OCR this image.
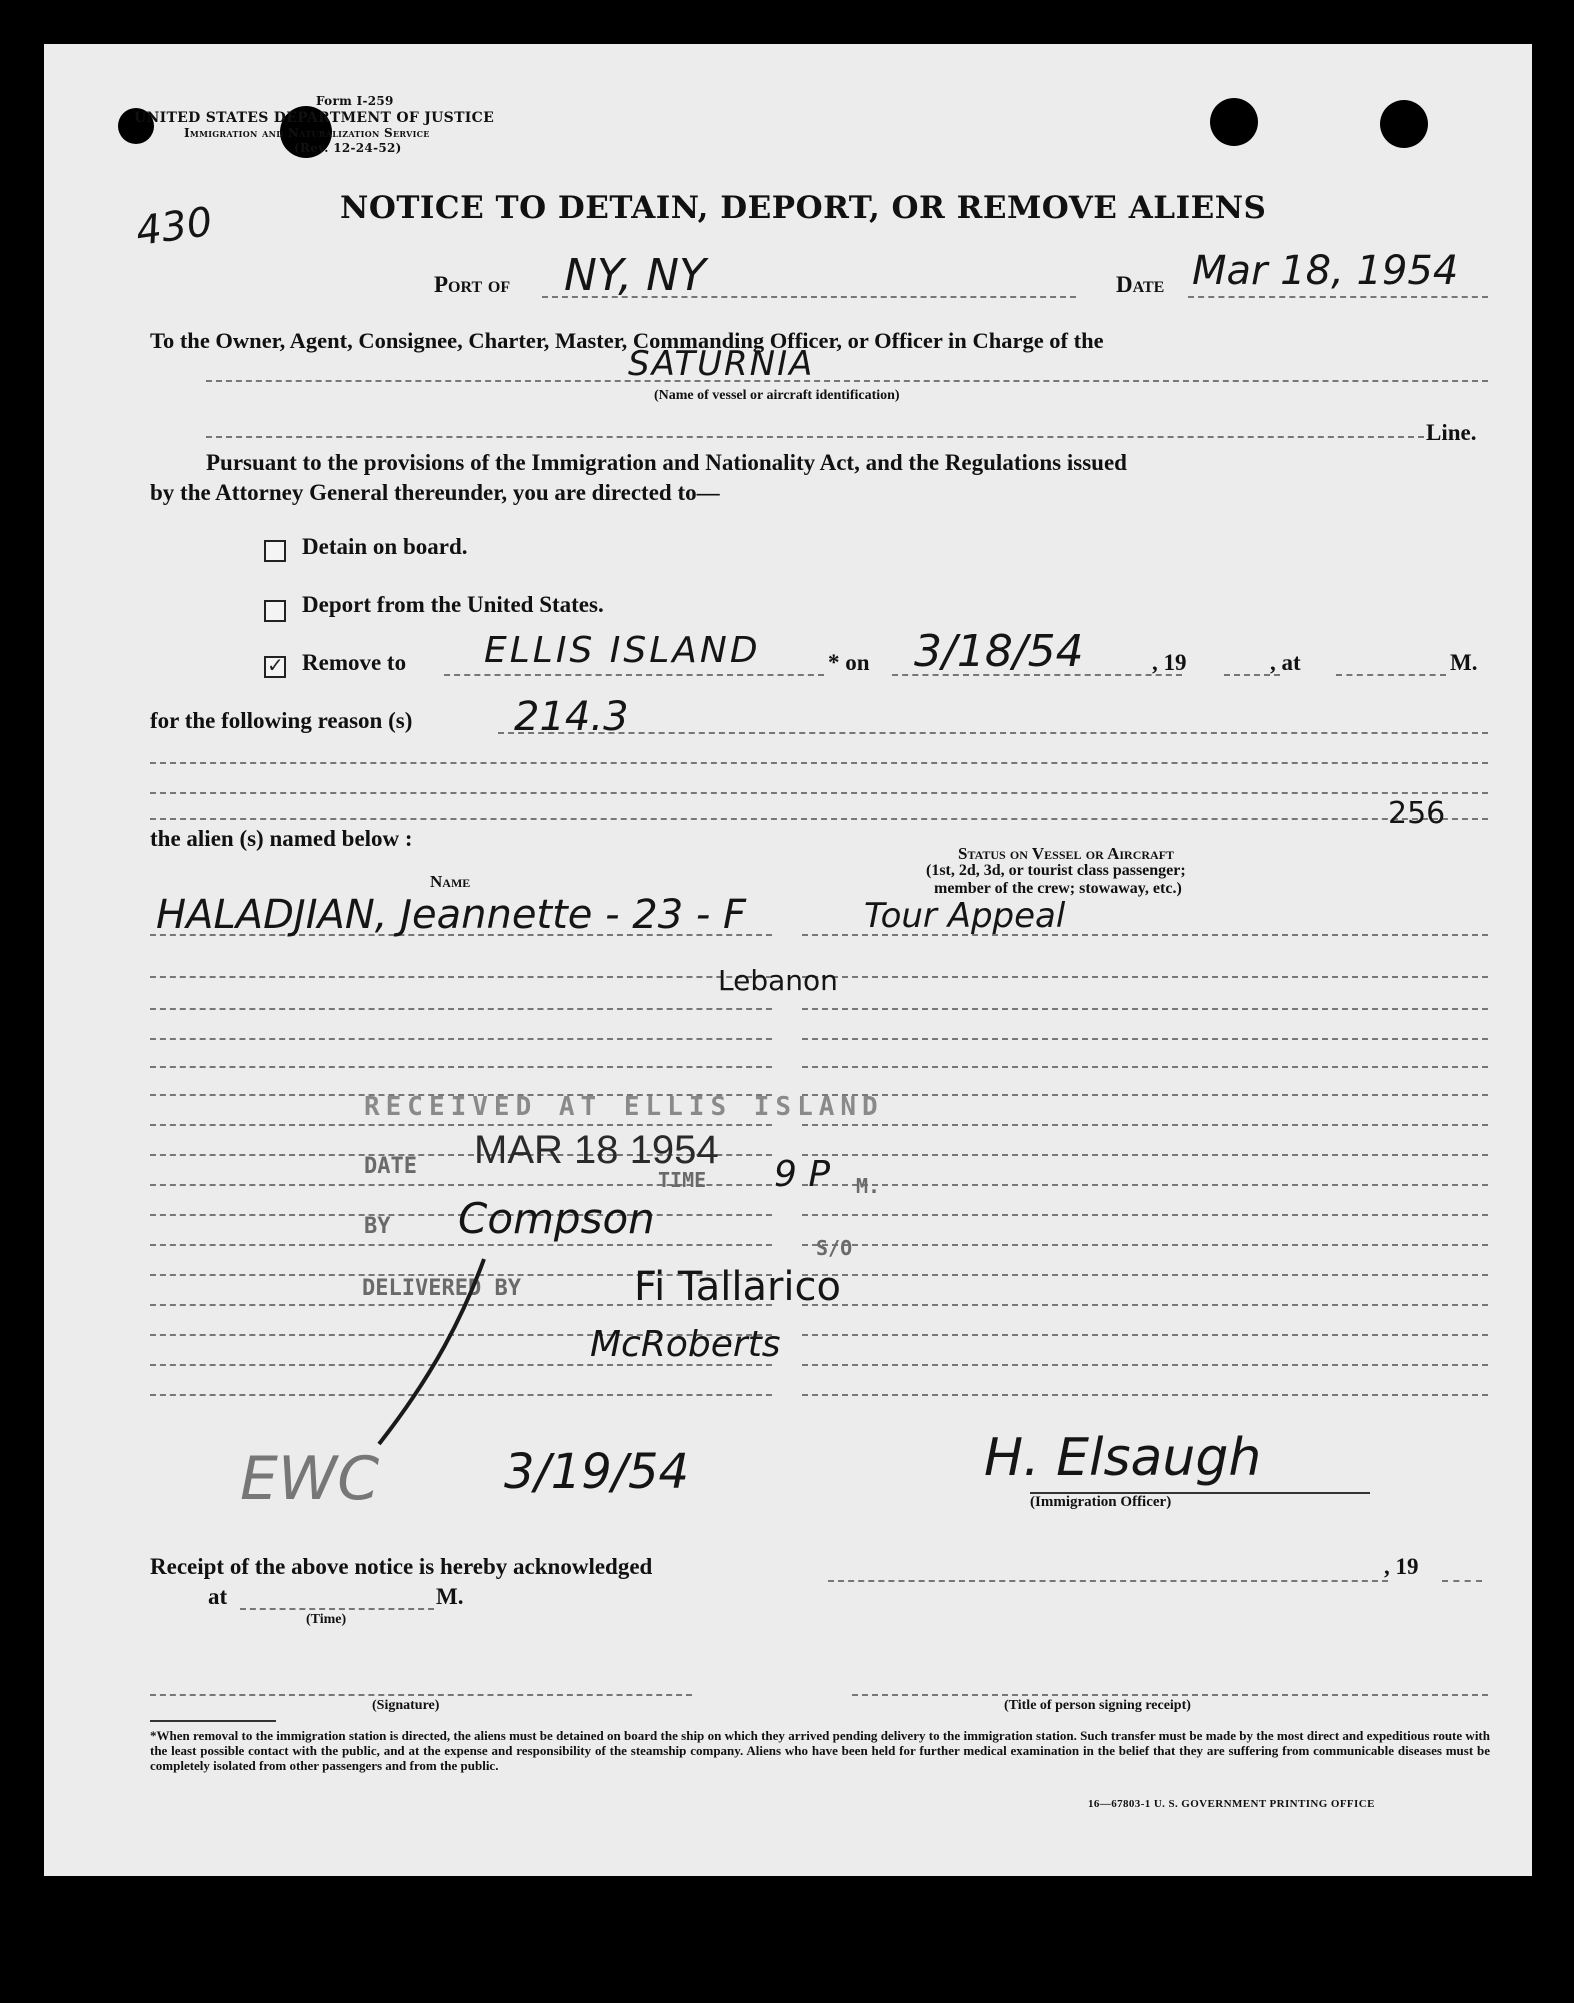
Form I-259
UNITED STATES DEPARTMENT OF JUSTICE
Immigration and Naturalization Service
(Rev. 12-24-52)
430	NOTICE TO DETAIN, DEPORT, OR REMOVE ALIENS
Port of NY, NY	Date Mar 18, 1954
To the Owner, Agent, Consignee, Charter, Master, Commanding Officer, or Officer in Charge of the
SATURNIA
(Name of vessel or aircraft identification)
Line.
Pursuant to the provisions of the Immigration and Nationality Act, and the Regulations issued
by the Attorney General thereunder, you are directed to—
Detain on board.
Deport from the United States.
✓
Remove to ELLIS ISLAND	* on 3/18/54	, 19	, at	M.
for the following reason (s)	214.3
256
the alien (s) named below :
Name
Status on Vessel or Aircraft
(1st, 2d, 3d, or tourist class passenger;
member of the crew; stowaway, etc.)
HALADJIAN, Jeannette - 23 - F	Tour Appeal
Lebanon
RECEIVED AT ELLIS ISLAND
DATE MAR 18 1954
TIME 9 P M.
BY Compson
S/O
DELIVERED BY	Fi Tallarico
McRoberts
EWC	3/19/54	H. Elsaugh
(Immigration Officer)
Receipt of the above notice is hereby acknowledged	, 19
at	M.
(Time)
(Signature)	(Title of person signing receipt)
*When removal to the immigration station is directed, the aliens must be detained on board the ship on which they arrived pending delivery to the immigration station. Such transfer must be made by the most direct and expeditious route with the least possible contact with the public, and at the expense and responsibility of the steamship company. Aliens who have been held for further medical examination in the belief that they are suffering from communicable diseases must be completely isolated from other passengers and from the public.
16—67803-1 U. S. GOVERNMENT PRINTING OFFICE
